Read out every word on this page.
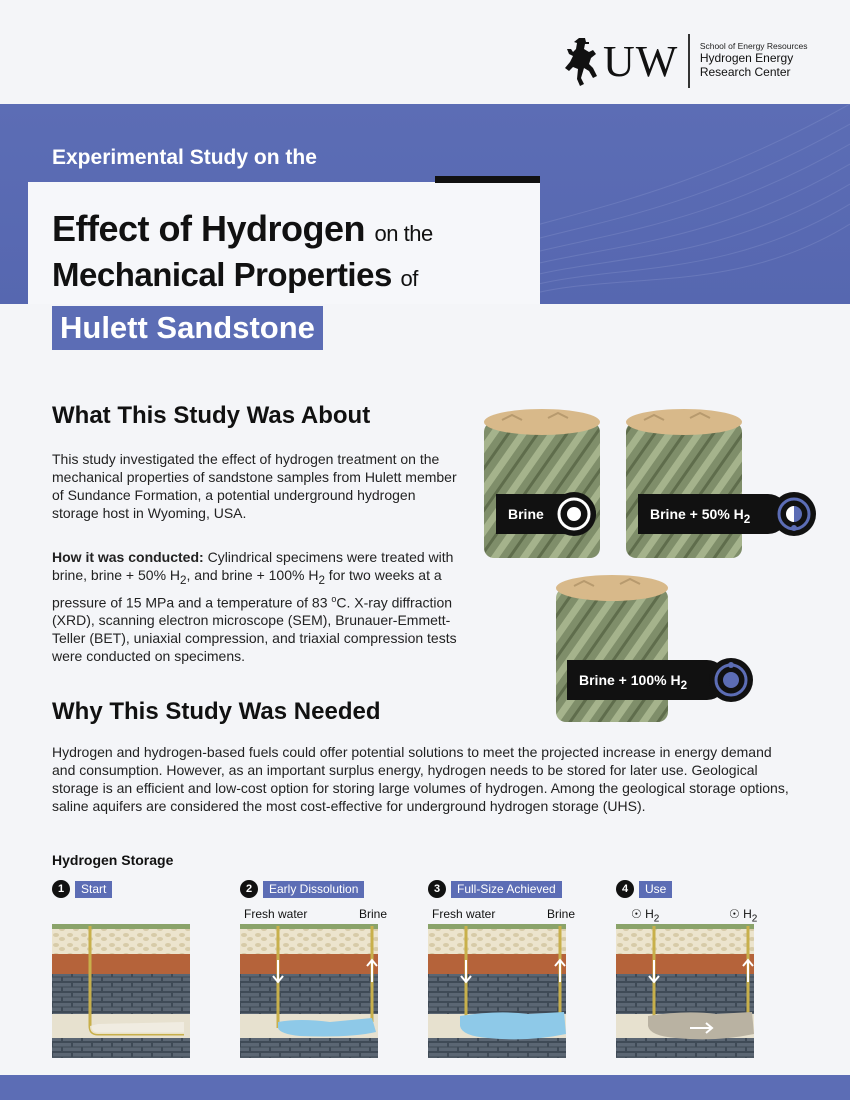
UW	School of Energy Resources
Hydrogen Energy
Research Center
Experimental Study on the
Effect of Hydrogen on the
Mechanical Properties of
Hulett Sandstone
What This Study Was About
This study investigated the effect of hydrogen treatment on the mechanical properties of sandstone samples from Hulett member of Sundance Formation, a potential underground hydrogen storage host in Wyoming, USA.
How it was conducted: Cylindrical specimens were treated with brine, brine + 50% $H_2$, and brine + 100% $H_2$ for two weeks at a pressure of 15 MPa and a temperature of 83 $^o$C. X-ray diffraction (XRD), scanning electron microscope (SEM), Brunauer-Emmett-Teller (BET), uniaxial compression, and triaxial compression tests were conducted on specimens.
Brine	Brine + 50% $H_2$
Brine + 100% $H_2$
Why This Study Was Needed
Hydrogen and hydrogen-based fuels could offer potential solutions to meet the projected increase in energy demand and consumption. However, as an important surplus energy, hydrogen needs to be stored for later use. Geological storage is an efficient and low-cost option for storing large volumes of hydrogen. Among the geological storage options, saline aquifers are considered the most cost-effective for underground hydrogen storage (UHS).
Hydrogen Storage
1	Start	2	Early Dissolution	3	Full-Size Achieved	4	Use
Fresh water	Brine	Fresh water	Brine	☉ $H_2$	☉ $H_2$
